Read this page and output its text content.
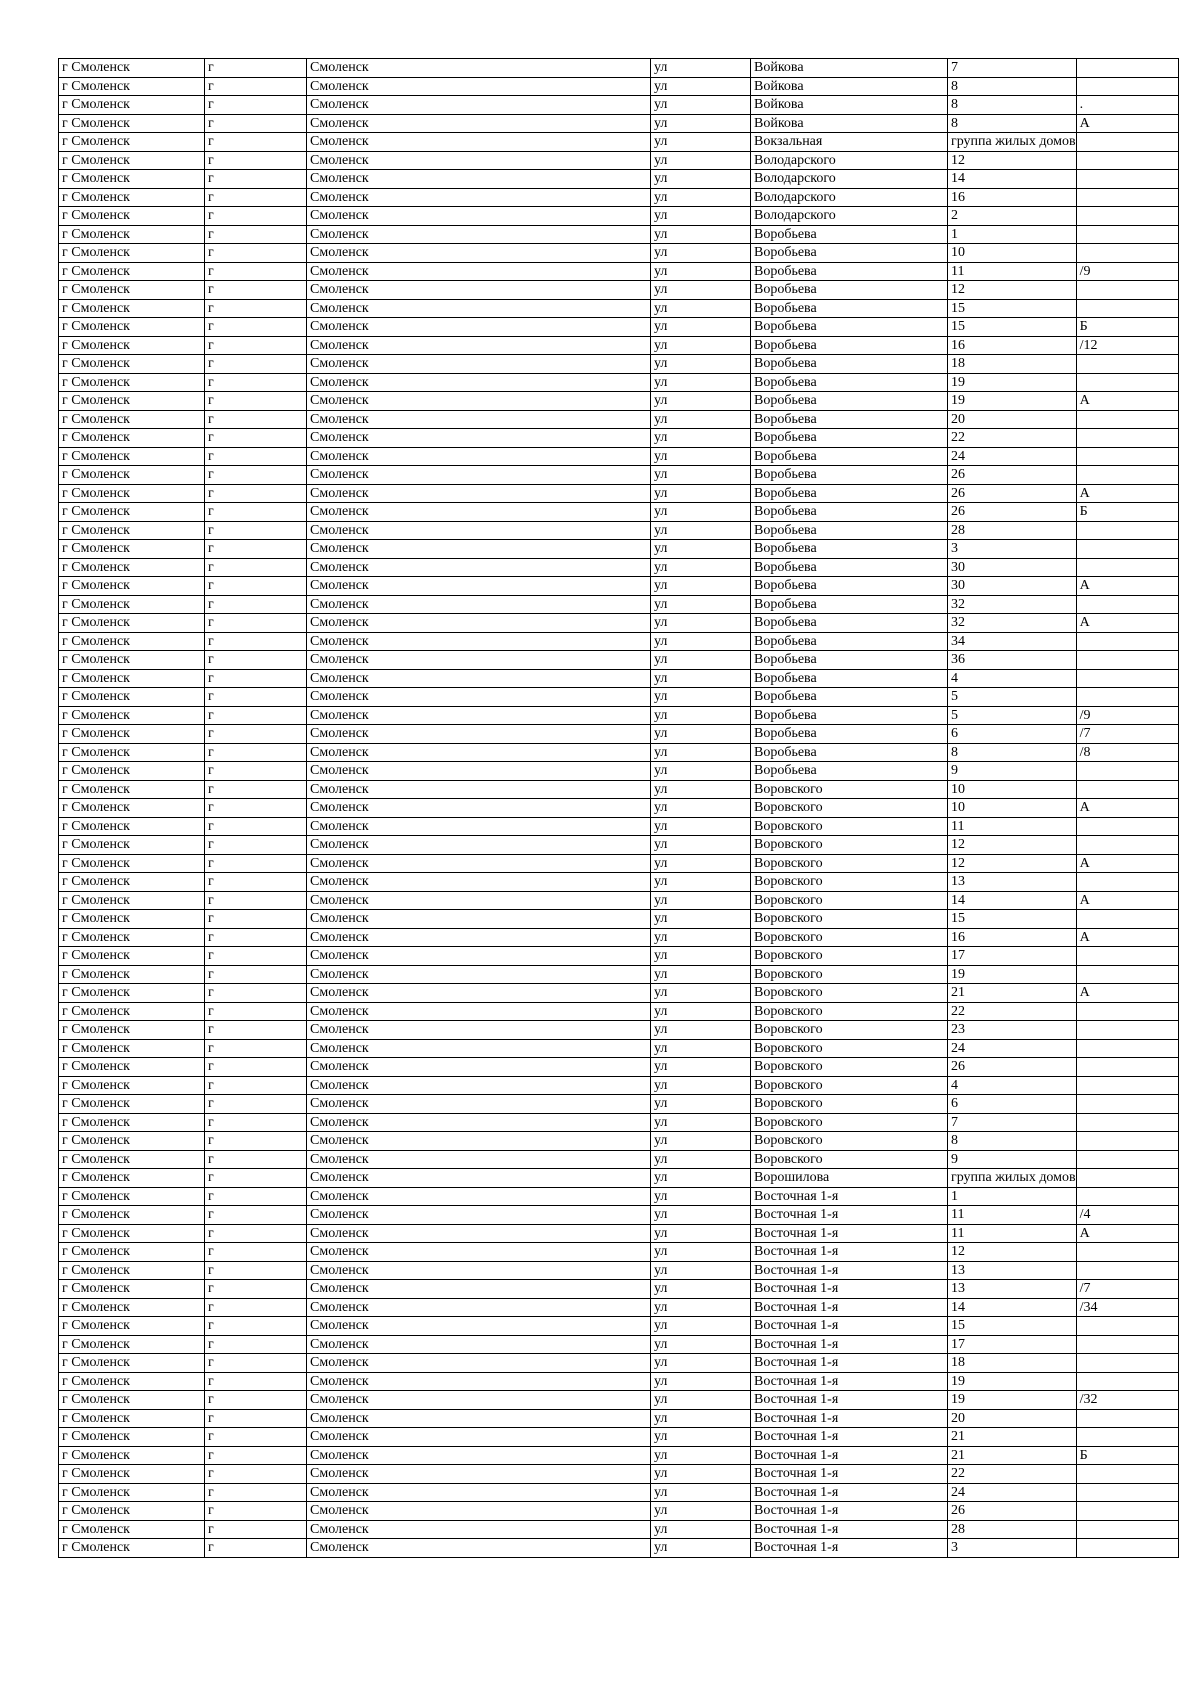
г Смоленск	г	Смоленск	ул	Войкова	7	
г Смоленск	г	Смоленск	ул	Войкова	8	
г Смоленск	г	Смоленск	ул	Войкова	8	.
г Смоленск	г	Смоленск	ул	Войкова	8	А
г Смоленск	г	Смоленск	ул	Вокзальная	группа жилых домов	
г Смоленск	г	Смоленск	ул	Володарского	12	
г Смоленск	г	Смоленск	ул	Володарского	14	
г Смоленск	г	Смоленск	ул	Володарского	16	
г Смоленск	г	Смоленск	ул	Володарского	2	
г Смоленск	г	Смоленск	ул	Воробьева	1	
г Смоленск	г	Смоленск	ул	Воробьева	10	
г Смоленск	г	Смоленск	ул	Воробьева	11	/9
г Смоленск	г	Смоленск	ул	Воробьева	12	
г Смоленск	г	Смоленск	ул	Воробьева	15	
г Смоленск	г	Смоленск	ул	Воробьева	15	Б
г Смоленск	г	Смоленск	ул	Воробьева	16	/12
г Смоленск	г	Смоленск	ул	Воробьева	18	
г Смоленск	г	Смоленск	ул	Воробьева	19	
г Смоленск	г	Смоленск	ул	Воробьева	19	А
г Смоленск	г	Смоленск	ул	Воробьева	20	
г Смоленск	г	Смоленск	ул	Воробьева	22	
г Смоленск	г	Смоленск	ул	Воробьева	24	
г Смоленск	г	Смоленск	ул	Воробьева	26	
г Смоленск	г	Смоленск	ул	Воробьева	26	А
г Смоленск	г	Смоленск	ул	Воробьева	26	Б
г Смоленск	г	Смоленск	ул	Воробьева	28	
г Смоленск	г	Смоленск	ул	Воробьева	3	
г Смоленск	г	Смоленск	ул	Воробьева	30	
г Смоленск	г	Смоленск	ул	Воробьева	30	А
г Смоленск	г	Смоленск	ул	Воробьева	32	
г Смоленск	г	Смоленск	ул	Воробьева	32	А
г Смоленск	г	Смоленск	ул	Воробьева	34	
г Смоленск	г	Смоленск	ул	Воробьева	36	
г Смоленск	г	Смоленск	ул	Воробьева	4	
г Смоленск	г	Смоленск	ул	Воробьева	5	
г Смоленск	г	Смоленск	ул	Воробьева	5	/9
г Смоленск	г	Смоленск	ул	Воробьева	6	/7
г Смоленск	г	Смоленск	ул	Воробьева	8	/8
г Смоленск	г	Смоленск	ул	Воробьева	9	
г Смоленск	г	Смоленск	ул	Воровского	10	
г Смоленск	г	Смоленск	ул	Воровского	10	А
г Смоленск	г	Смоленск	ул	Воровского	11	
г Смоленск	г	Смоленск	ул	Воровского	12	
г Смоленск	г	Смоленск	ул	Воровского	12	А
г Смоленск	г	Смоленск	ул	Воровского	13	
г Смоленск	г	Смоленск	ул	Воровского	14	А
г Смоленск	г	Смоленск	ул	Воровского	15	
г Смоленск	г	Смоленск	ул	Воровского	16	А
г Смоленск	г	Смоленск	ул	Воровского	17	
г Смоленск	г	Смоленск	ул	Воровского	19	
г Смоленск	г	Смоленск	ул	Воровского	21	А
г Смоленск	г	Смоленск	ул	Воровского	22	
г Смоленск	г	Смоленск	ул	Воровского	23	
г Смоленск	г	Смоленск	ул	Воровского	24	
г Смоленск	г	Смоленск	ул	Воровского	26	
г Смоленск	г	Смоленск	ул	Воровского	4	
г Смоленск	г	Смоленск	ул	Воровского	6	
г Смоленск	г	Смоленск	ул	Воровского	7	
г Смоленск	г	Смоленск	ул	Воровского	8	
г Смоленск	г	Смоленск	ул	Воровского	9	
г Смоленск	г	Смоленск	ул	Ворошилова	группа жилых домов	
г Смоленск	г	Смоленск	ул	Восточная 1-я	1	
г Смоленск	г	Смоленск	ул	Восточная 1-я	11	/4
г Смоленск	г	Смоленск	ул	Восточная 1-я	11	А
г Смоленск	г	Смоленск	ул	Восточная 1-я	12	
г Смоленск	г	Смоленск	ул	Восточная 1-я	13	
г Смоленск	г	Смоленск	ул	Восточная 1-я	13	/7
г Смоленск	г	Смоленск	ул	Восточная 1-я	14	/34
г Смоленск	г	Смоленск	ул	Восточная 1-я	15	
г Смоленск	г	Смоленск	ул	Восточная 1-я	17	
г Смоленск	г	Смоленск	ул	Восточная 1-я	18	
г Смоленск	г	Смоленск	ул	Восточная 1-я	19	
г Смоленск	г	Смоленск	ул	Восточная 1-я	19	/32
г Смоленск	г	Смоленск	ул	Восточная 1-я	20	
г Смоленск	г	Смоленск	ул	Восточная 1-я	21	
г Смоленск	г	Смоленск	ул	Восточная 1-я	21	Б
г Смоленск	г	Смоленск	ул	Восточная 1-я	22	
г Смоленск	г	Смоленск	ул	Восточная 1-я	24	
г Смоленск	г	Смоленск	ул	Восточная 1-я	26	
г Смоленск	г	Смоленск	ул	Восточная 1-я	28	
г Смоленск	г	Смоленск	ул	Восточная 1-я	3	
